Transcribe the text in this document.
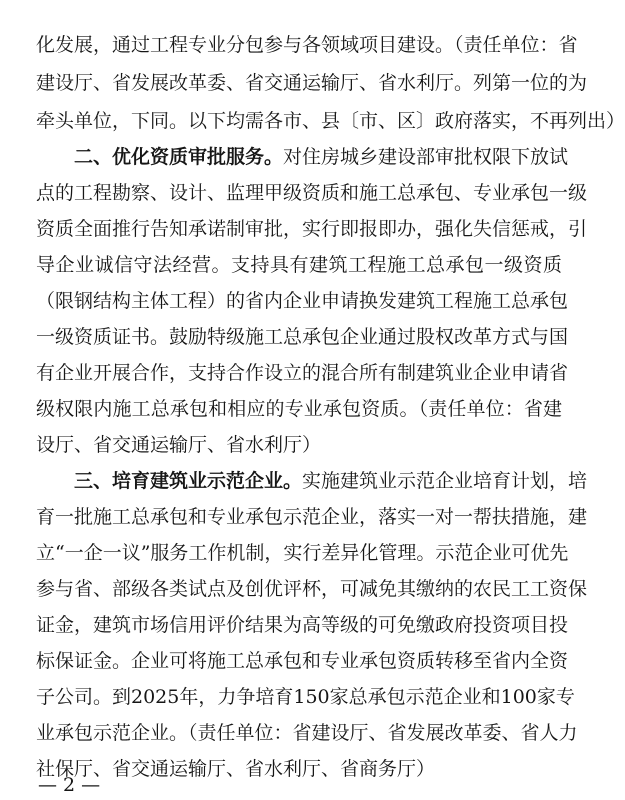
化发展，通过工程专业分包参与各领域项目建设。（责任单位：省
建设厅、省发展改革委、省交通运输厅、省水利厅。列第一位的为
牵头单位，下同。以下均需各市、县〔市、区〕政府落实，不再列出）
二、优化资质审批服务。对住房城乡建设部审批权限下放试
点的工程勘察、设计、监理甲级资质和施工总承包、专业承包一级
资质全面推行告知承诺制审批，实行即报即办，强化失信惩戒，引
导企业诚信守法经营。支持具有建筑工程施工总承包一级资质
（限钢结构主体工程）的省内企业申请换发建筑工程施工总承包
一级资质证书。鼓励特级施工总承包企业通过股权改革方式与国
有企业开展合作，支持合作设立的混合所有制建筑业企业申请省
级权限内施工总承包和相应的专业承包资质。（责任单位：省建
设厅、省交通运输厅、省水利厅）
三、培育建筑业示范企业。实施建筑业示范企业培育计划，培
育一批施工总承包和专业承包示范企业，落实一对一帮扶措施，建
立“一企一议”服务工作机制，实行差异化管理。示范企业可优先
参与省、部级各类试点及创优评杯，可减免其缴纳的农民工工资保
证金，建筑市场信用评价结果为高等级的可免缴政府投资项目投
标保证金。企业可将施工总承包和专业承包资质转移至省内全资
子公司。到2025年，力争培育150家总承包示范企业和100家专
业承包示范企业。（责任单位：省建设厅、省发展改革委、省人力
社保厅、省交通运输厅、省水利厅、省商务厅）
— 2 —
